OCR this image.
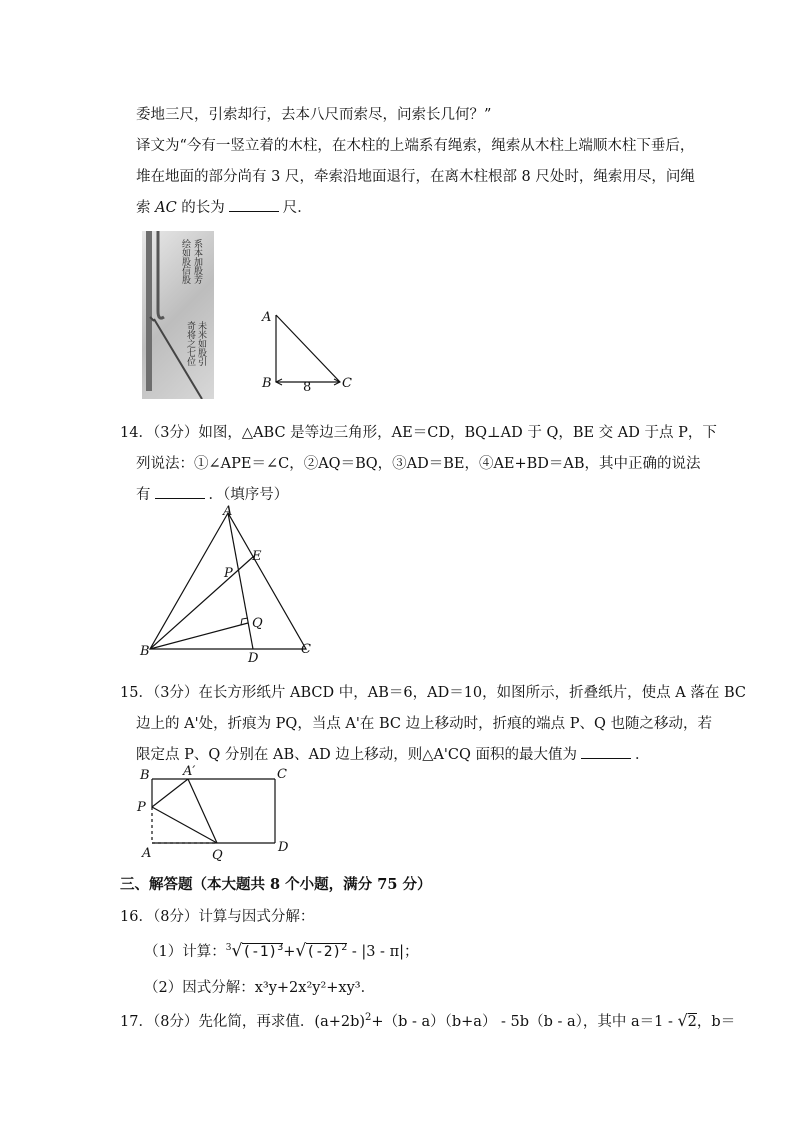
委地三尺，引索却行，去本八尺而索尽，问索长几何？”
译文为“今有一竖立着的木柱，在木柱的上端系有绳索，绳索从木柱上端顺木柱下垂后，
堆在地面的部分尚有 3 尺，牵索沿地面退行，在离木柱根部 8 尺处时，绳索用尽，问绳
索 AC 的长为	尺．
系本加股芳
绘如股信股
未米如股引
奇将之七位
A
B	C
8
14．（3分）如图，△ABC 是等边三角形，AE＝CD，BQ⊥AD 于 Q，BE 交 AD 于点 P，下
列说法：①∠APE＝∠C，②AQ＝BQ，③AD＝BE，④AE+BD＝AB，其中正确的说法
有	．（填序号）
A
B	C
D
E
P
Q
15．（3分）在长方形纸片 ABCD 中，AB＝6，AD＝10，如图所示，折叠纸片，使点 A 落在 BC
边上的 A'处，折痕为 PQ，当点 A'在 BC 边上移动时，折痕的端点 P、Q 也随之移动，若
限定点 P、Q 分别在 AB、AD 边上移动，则△A'CQ 面积的最大值为	．
B	A′	C
P
A	Q
D
三、解答题（本大题共 8 个小题，满分 75 分）
16．（8分）计算与因式分解：
（1）计算：$^3√(-1)^3+√(-2)^2 - |3 - \pi|$；
（2）因式分解：x³y+2x²y²+xy³．
17．（8分）先化简，再求值．$(a+2b)^2+(b - a)(b+a) - 5b(b - a)$，其中 a＝1 - √2，b＝
